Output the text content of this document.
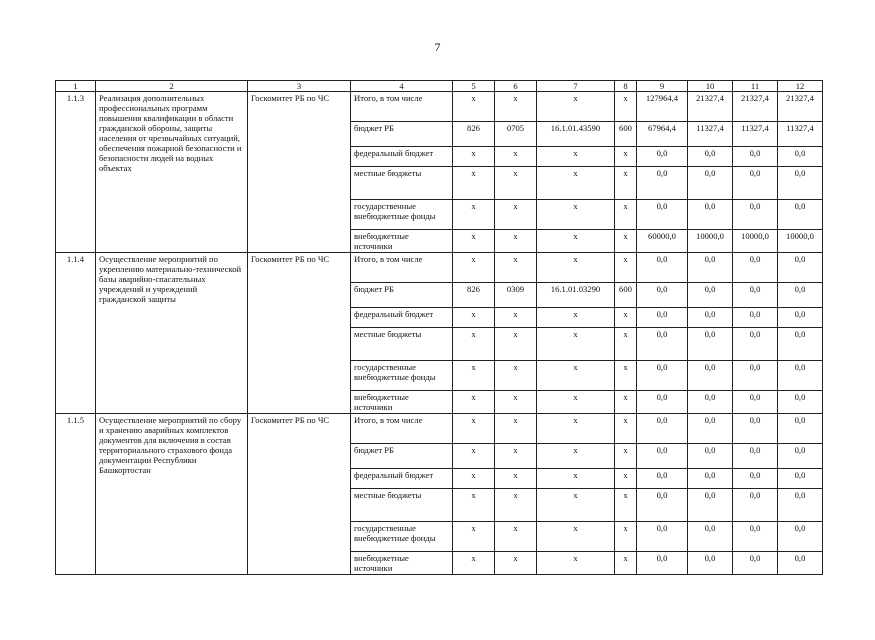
7
1	2	3	4	5	6	7	8	9	10	11	12
1.1.3	Реализация дополнительных профессиональных программ повышения квалификации в области гражданской обороны, защиты населения от чрезвычайных ситуаций, обеспечения пожарной безопасности и безопасности людей на водных объектах	Госкомитет РБ по ЧС	Итого, в том числе	x	x	x	x	127964,4	21327,4	21327,4	21327,4
			бюджет РБ	826	0705	16.1.01.43590	600	67964,4	11327,4	11327,4	11327,4
			федеральный бюджет	x	x	x	x	0,0	0,0	0,0	0,0
			местные бюджеты	x	x	x	x	0,0	0,0	0,0	0,0
			государственные внебюджетные фонды	x	x	x	x	0,0	0,0	0,0	0,0
			внебюджетные источники	x	x	x	x	60000,0	10000,0	10000,0	10000,0
1.1.4	Осуществление мероприятий по укреплению материально-технической базы аварийно-спасательных учреждений и учреждений гражданской защиты	Госкомитет РБ по ЧС	Итого, в том числе	x	x	x	x	0,0	0,0	0,0	0,0
			бюджет РБ	826	0309	16.1.01.03290	600	0,0	0,0	0,0	0,0
			федеральный бюджет	x	x	x	x	0,0	0,0	0,0	0,0
			местные бюджеты	x	x	x	x	0,0	0,0	0,0	0,0
			государственные внебюджетные фонды	x	x	x	x	0,0	0,0	0,0	0,0
			внебюджетные источники	x	x	x	x	0,0	0,0	0,0	0,0
1.1.5	Осуществление мероприятий по сбору и хранению аварийных комплектов документов для включения в состав территориального страхового фонда документации Республики Башкортостан	Госкомитет РБ по ЧС	Итого, в том числе	x	x	x	x	0,0	0,0	0,0	0,0
			бюджет РБ	x	x	x	x	0,0	0,0	0,0	0,0
			федеральный бюджет	x	x	x	x	0,0	0,0	0,0	0,0
			местные бюджеты	x	x	x	x	0,0	0,0	0,0	0,0
			государственные внебюджетные фонды	x	x	x	x	0,0	0,0	0,0	0,0
			внебюджетные источники	x	x	x	x	0,0	0,0	0,0	0,0
